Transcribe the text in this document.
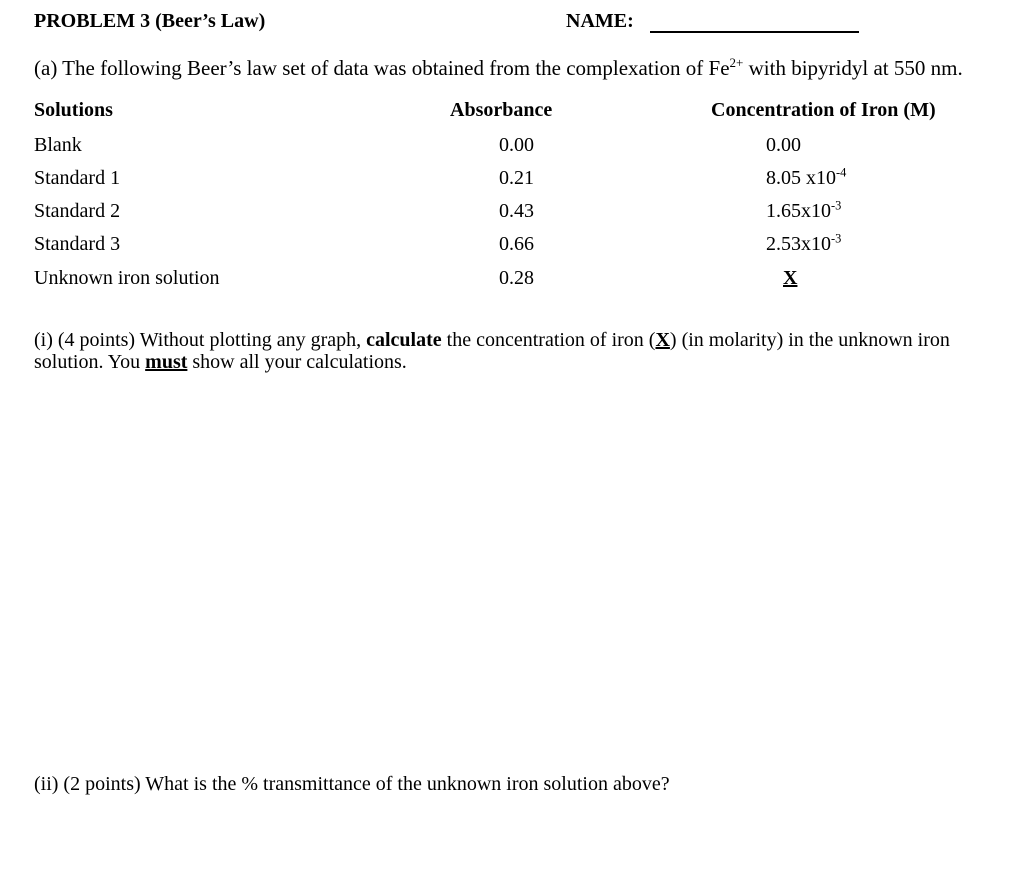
PROBLEM 3 (Beer’s Law)	NAME:
(a) The following Beer’s law set of data was obtained from the complexation of $Fe^{2+}$ with bipyridyl at 550 nm.
Solutions	Absorbance	Concentration of Iron (M)
Blank	0.00	0.00
Standard 1	0.21	8.05 $x10^{-4}$
Standard 2	0.43	$1.65x10^{-3}$
Standard 3	0.66	$2.53x10^{-3}$
Unknown iron solution	0.28	X
(i) (4 points) Without plotting any graph, calculate the concentration of iron (X) (in molarity) in the unknown iron solution. You must show all your calculations.
(ii) (2 points) What is the % transmittance of the unknown iron solution above?
